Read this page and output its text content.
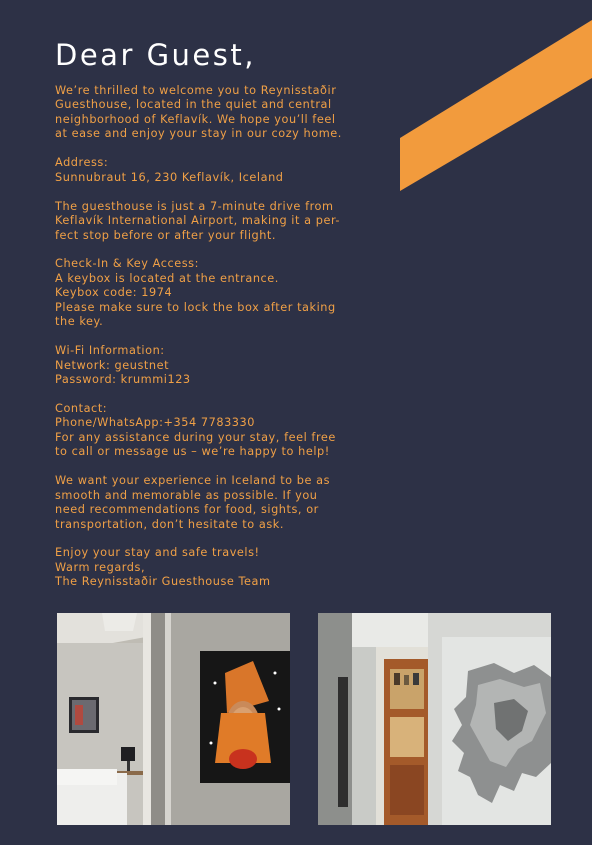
Dear Guest,

We’re thrilled to welcome you to Reynisstaðir
Guesthouse, located in the quiet and central
neighborhood of Keflavík. We hope you’ll feel
at ease and enjoy your stay in our cozy home.

Address:
Sunnubraut 16, 230 Keflavík, Iceland

The guesthouse is just a 7-minute drive from
Keflavík International Airport, making it a per-
fect stop before or after your flight.

Check-In & Key Access:
A keybox is located at the entrance.
Keybox code: 1974
Please make sure to lock the box after taking
the key.

Wi-Fi Information:
Network: geustnet
Password: krummi123

Contact:
Phone/WhatsApp:+354 7783330
For any assistance during your stay, feel free
to call or message us – we’re happy to help!

We want your experience in Iceland to be as
smooth and memorable as possible. If you
need recommendations for food, sights, or
transportation, don’t hesitate to ask.

Enjoy your stay and safe travels!
Warm regards,
The Reynisstaðir Guesthouse Team
